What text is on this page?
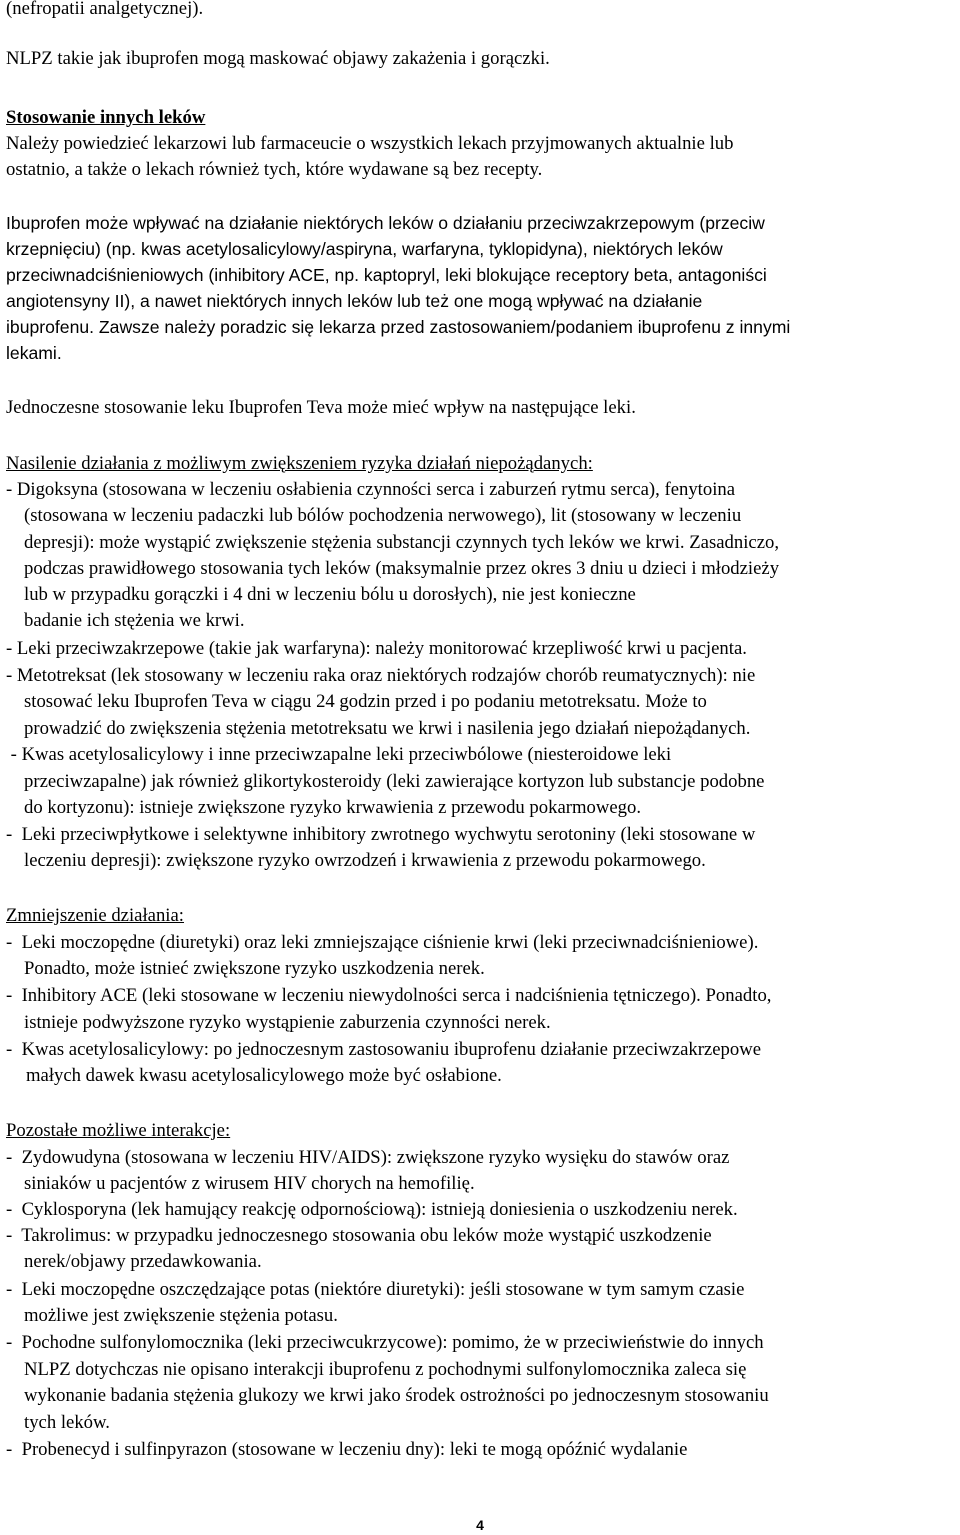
(nefropatii analgetycznej).

NLPZ takie jak ibuprofen mogą maskować objawy zakażenia i gorączki.

Stosowanie innych leków

Należy powiedzieć lekarzowi lub farmaceucie o wszystkich lekach przyjmowanych aktualnie lub

ostatnio, a także o lekach również tych, które wydawane są bez recepty.

Ibuprofen może wpływać na działanie niektórych leków o działaniu przeciwzakrzepowym (przeciw

krzepnięciu) (np. kwas acetylosalicylowy/aspiryna, warfaryna, tyklopidyna), niektórych leków

przeciwnadciśnieniowych (inhibitory ACE, np. kaptopryl, leki blokujące receptory beta, antagoniści

angiotensyny II), a nawet niektórych innych leków lub też one mogą wpływać na działanie

ibuprofenu. Zawsze należy poradzic się lekarza przed zastosowaniem/podaniem ibuprofenu z innymi

lekami.

Jednoczesne stosowanie leku Ibuprofen Teva może mieć wpływ na następujące leki.

Nasilenie działania z możliwym zwiększeniem ryzyka działań niepożądanych:

- Digoksyna (stosowana w leczeniu osłabienia czynności serca i zaburzeń rytmu serca), fenytoina

(stosowana w leczeniu padaczki lub bólów pochodzenia nerwowego), lit (stosowany w leczeniu

depresji): może wystąpić zwiększenie stężenia substancji czynnych tych leków we krwi. Zasadniczo,

podczas prawidłowego stosowania tych leków (maksymalnie przez okres 3 dniu u dzieci i młodzieży

lub w przypadku gorączki i 4 dni w leczeniu bólu u dorosłych), nie jest konieczne

badanie ich stężenia we krwi.

- Leki przeciwzakrzepowe (takie jak warfaryna): należy monitorować krzepliwość krwi u pacjenta.

- Metotreksat (lek stosowany w leczeniu raka oraz niektórych rodzajów chorób reumatycznych): nie

stosować leku Ibuprofen Teva w ciągu 24 godzin przed i po podaniu metotreksatu. Może to

prowadzić do zwiększenia stężenia metotreksatu we krwi i nasilenia jego działań niepożądanych.

- Kwas acetylosalicylowy i inne przeciwzapalne leki przeciwbólowe (niesteroidowe leki

przeciwzapalne) jak również glikortykosteroidy (leki zawierające kortyzon lub substancje podobne

do kortyzonu): istnieje zwiększone ryzyko krwawienia z przewodu pokarmowego.

-  Leki przeciwpłytkowe i selektywne inhibitory zwrotnego wychwytu serotoniny (leki stosowane w

leczeniu depresji): zwiększone ryzyko owrzodzeń i krwawienia z przewodu pokarmowego.

Zmniejszenie działania:

-  Leki moczopędne (diuretyki) oraz leki zmniejszające ciśnienie krwi (leki przeciwnadciśnieniowe).

Ponadto, może istnieć zwiększone ryzyko uszkodzenia nerek.

-  Inhibitory ACE (leki stosowane w leczeniu niewydolności serca i nadciśnienia tętniczego). Ponadto,

istnieje podwyższone ryzyko wystąpienie zaburzenia czynności nerek.

-  Kwas acetylosalicylowy: po jednoczesnym zastosowaniu ibuprofenu działanie przeciwzakrzepowe

małych dawek kwasu acetylosalicylowego może być osłabione.

Pozostałe możliwe interakcje:

-  Zydowudyna (stosowana w leczeniu HIV/AIDS): zwiększone ryzyko wysięku do stawów oraz

siniaków u pacjentów z wirusem HIV chorych na hemofilię.

-  Cyklosporyna (lek hamujący reakcję odpornościową): istnieją doniesienia o uszkodzeniu nerek.

-  Takrolimus: w przypadku jednoczesnego stosowania obu leków może wystąpić uszkodzenie

nerek/objawy przedawkowania.

-  Leki moczopędne oszczędzające potas (niektóre diuretyki): jeśli stosowane w tym samym czasie

możliwe jest zwiększenie stężenia potasu.

-  Pochodne sulfonylomocznika (leki przeciwcukrzycowe): pomimo, że w przeciwieństwie do innych

NLPZ dotychczas nie opisano interakcji ibuprofenu z pochodnymi sulfonylomocznika zaleca się

wykonanie badania stężenia glukozy we krwi jako środek ostrożności po jednoczesnym stosowaniu

tych leków.

-  Probenecyd i sulfinpyrazon (stosowane w leczeniu dny): leki te mogą opóźnić wydalanie

4
